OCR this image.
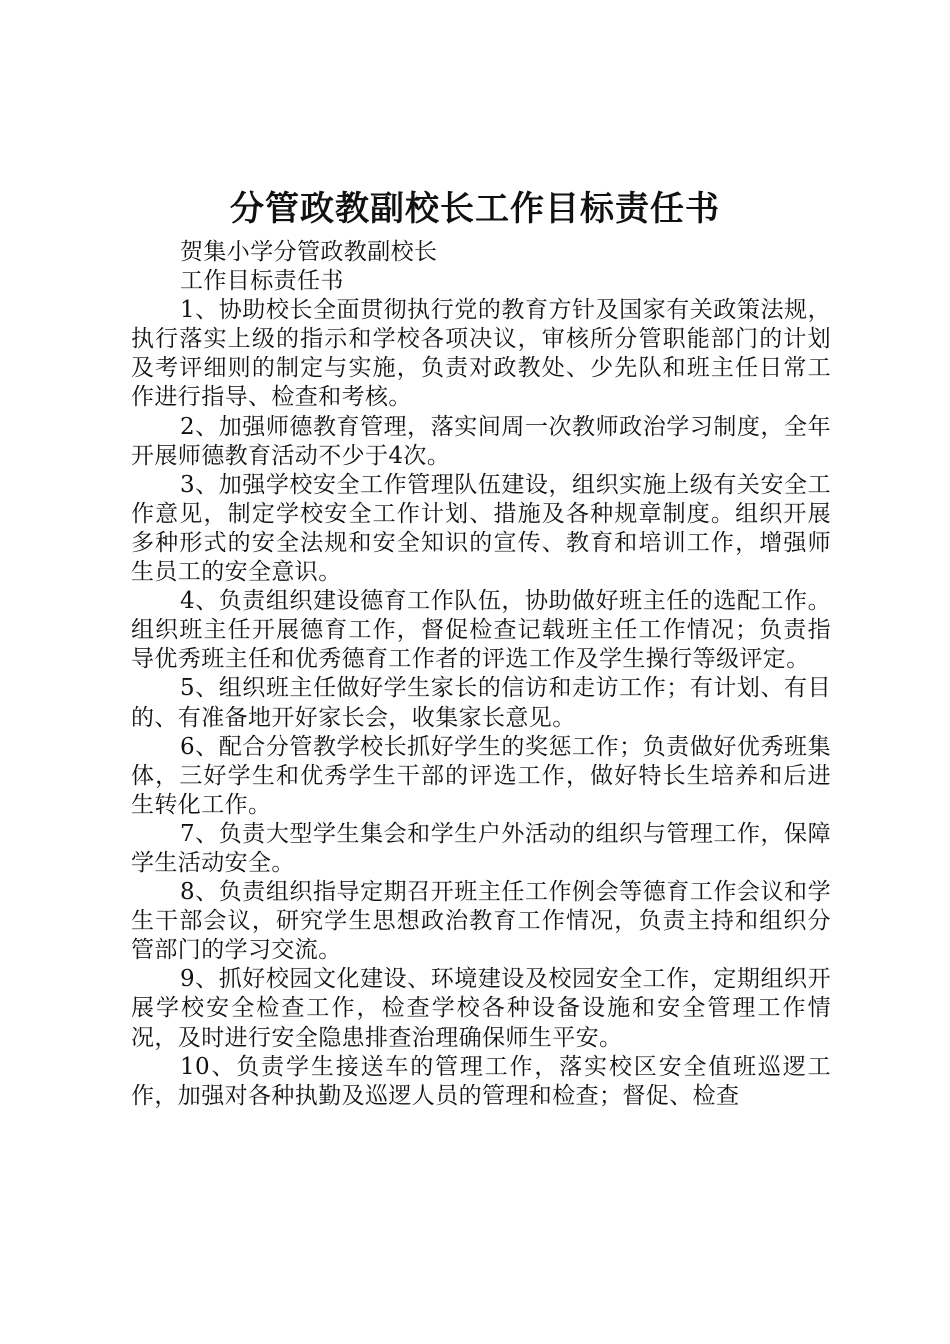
分管政教副校长工作目标责任书

贺集小学分管政教副校长

工作目标责任书

1、协助校长全面贯彻执行党的教育方针及国家有关政策法规，执行落实上级的指示和学校各项决议，审核所分管职能部门的计划及考评细则的制定与实施，负责对政教处、少先队和班主任日常工作进行指导、检查和考核。

2、加强师德教育管理，落实间周一次教师政治学习制度，全年开展师德教育活动不少于4次。

3、加强学校安全工作管理队伍建设，组织实施上级有关安全工作意见，制定学校安全工作计划、措施及各种规章制度。组织开展多种形式的安全法规和安全知识的宣传、教育和培训工作，增强师生员工的安全意识。

4、负责组织建设德育工作队伍，协助做好班主任的选配工作。组织班主任开展德育工作，督促检查记载班主任工作情况；负责指导优秀班主任和优秀德育工作者的评选工作及学生操行等级评定。

5、组织班主任做好学生家长的信访和走访工作；有计划、有目的、有准备地开好家长会，收集家长意见。

6、配合分管教学校长抓好学生的奖惩工作；负责做好优秀班集体，三好学生和优秀学生干部的评选工作，做好特长生培养和后进生转化工作。

7、负责大型学生集会和学生户外活动的组织与管理工作，保障学生活动安全。

8、负责组织指导定期召开班主任工作例会等德育工作会议和学生干部会议，研究学生思想政治教育工作情况，负责主持和组织分管部门的学习交流。

9、抓好校园文化建设、环境建设及校园安全工作，定期组织开展学校安全检查工作，检查学校各种设备设施和安全管理工作情况，及时进行安全隐患排查治理确保师生平安。

10、负责学生接送车的管理工作，落实校区安全值班巡逻工作，加强对各种执勤及巡逻人员的管理和检查；督促、检查
